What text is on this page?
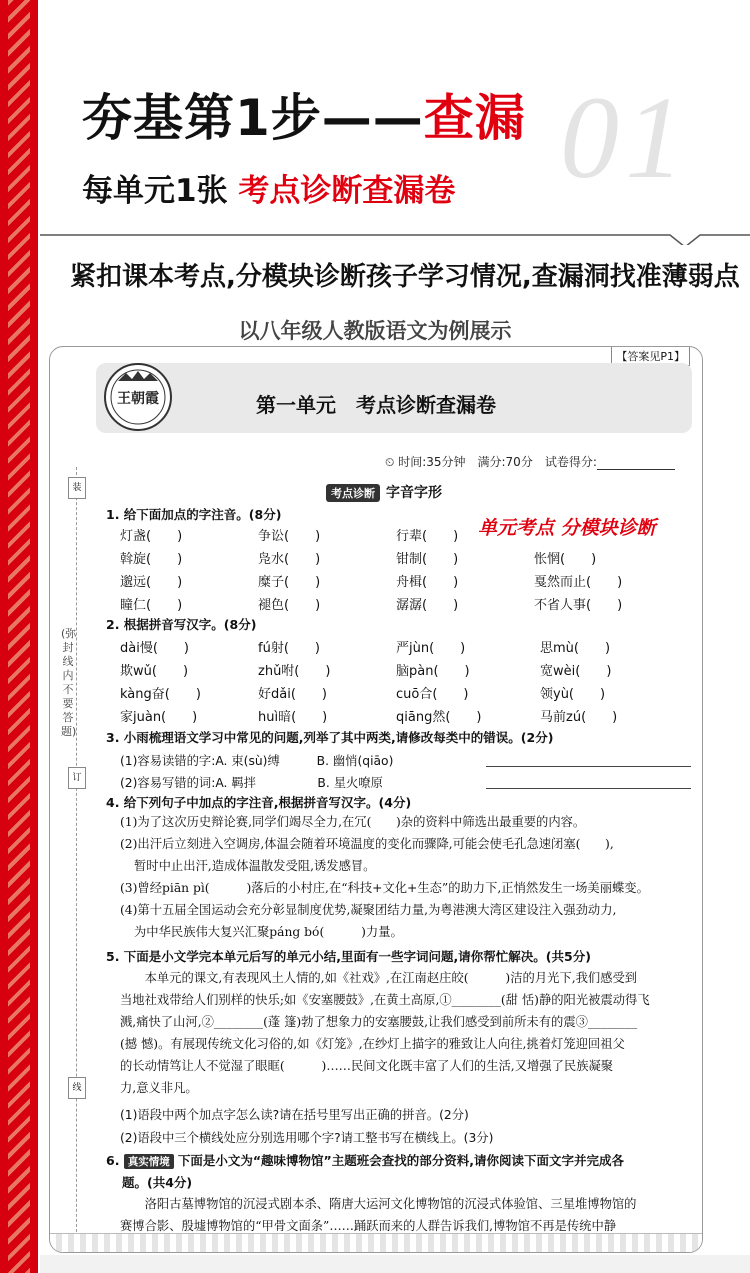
夯基第1步——查漏 01
每单元1张 考点诊断查漏卷
紧扣课本考点,分模块诊断孩子学习情况,查漏洞找准薄弱点
以八年级人教版语文为例展示
【答案见P1】
王朝霞	第一单元　考点诊断查漏卷
⏲ 时间:35分钟　满分:70分　试卷得分:
考点诊断 字音字形
单元考点 分模块诊断
装
订
线
(弥封线内不要答题)
1. 给下面加点的字注音。(8分)
灯盏(　　)	争讼(　　)	行辈(　　)
斡旋(　　)	凫水(　　)	钳制(　　)	怅惘(　　)
邈远(　　)	糜子(　　)	舟楫(　　)	戛然而止(　　)
瞳仁(　　)	褪色(　　)	潺潺(　　)	不省人事(　　)
2. 根据拼音写汉字。(8分)
dài慢(　　)	fú射(　　)	严jùn(　　)	思mù(　　)
欺wǔ(　　)	zhǔ咐(　　)	脑pàn(　　)	宽wèi(　　)
kàng奋(　　)	好dǎi(　　)	cuō合(　　)	领yù(　　)
家juàn(　　)	huì暗(　　)	qiāng然(　　)	马前zú(　　)
3. 小雨梳理语文学习中常见的问题,列举了其中两类,请修改每类中的错误。(2分)
(1)容易读错的字:A. 束(sù)缚　　　B. 幽悄(qiāo)
(2)容易写错的词:A. 羁拌　　　　　B. 星火嘹原
4. 给下列句子中加点的字注音,根据拼音写汉字。(4分)
(1)为了这次历史辩论赛,同学们竭尽全力,在冗(　　)杂的资料中筛选出最重要的内容。
(2)出汗后立刻进入空调房,体温会随着环境温度的变化而骤降,可能会使毛孔急速闭塞(　　),
暂时中止出汗,造成体温散发受阻,诱发感冒。
(3)曾经piān pì(　　　)落后的小村庄,在“科技+文化+生态”的助力下,正悄然发生一场美丽蝶变。
(4)第十五届全国运动会充分彰显制度优势,凝聚团结力量,为粤港澳大湾区建设注入强劲动力,
为中华民族伟大复兴汇聚páng bó(　　　)力量。
5. 下面是小文学完本单元后写的单元小结,里面有一些字词问题,请你帮忙解决。(共5分)
　　本单元的课文,有表现风土人情的,如《社戏》,在江南赵庄皎(　　　)洁的月光下,我们感受到
当地社戏带给人们别样的快乐;如《安塞腰鼓》,在黄土高原,①________(甜 恬)静的阳光被震动得飞
溅,痛快了山河,②________(蓬 篷)勃了想象力的安塞腰鼓,让我们感受到前所未有的震③________
(撼 憾)。有展现传统文化习俗的,如《灯笼》,在纱灯上描字的雅致让人向往,挑着灯笼迎回祖父
的长动情笃让人不觉湿了眼眶(　　　)……民间文化既丰富了人们的生活,又增强了民族凝聚
力,意义非凡。
(1)语段中两个加点字怎么读?请在括号里写出正确的拼音。(2分)
(2)语段中三个横线处应分别选用哪个字?请工整书写在横线上。(3分)
6. 真实情境 下面是小文为“趣味博物馆”主题班会查找的部分资料,请你阅读下面文字并完成各
题。(共4分)
　　洛阳古墓博物馆的沉浸式剧本杀、隋唐大运河文化博物馆的沉浸式体验馆、三星堆博物馆的
赛博合影、殷墟博物馆的“甲骨文面条”……踊跃而来的人群告诉我们,博物馆不再是传统中静
